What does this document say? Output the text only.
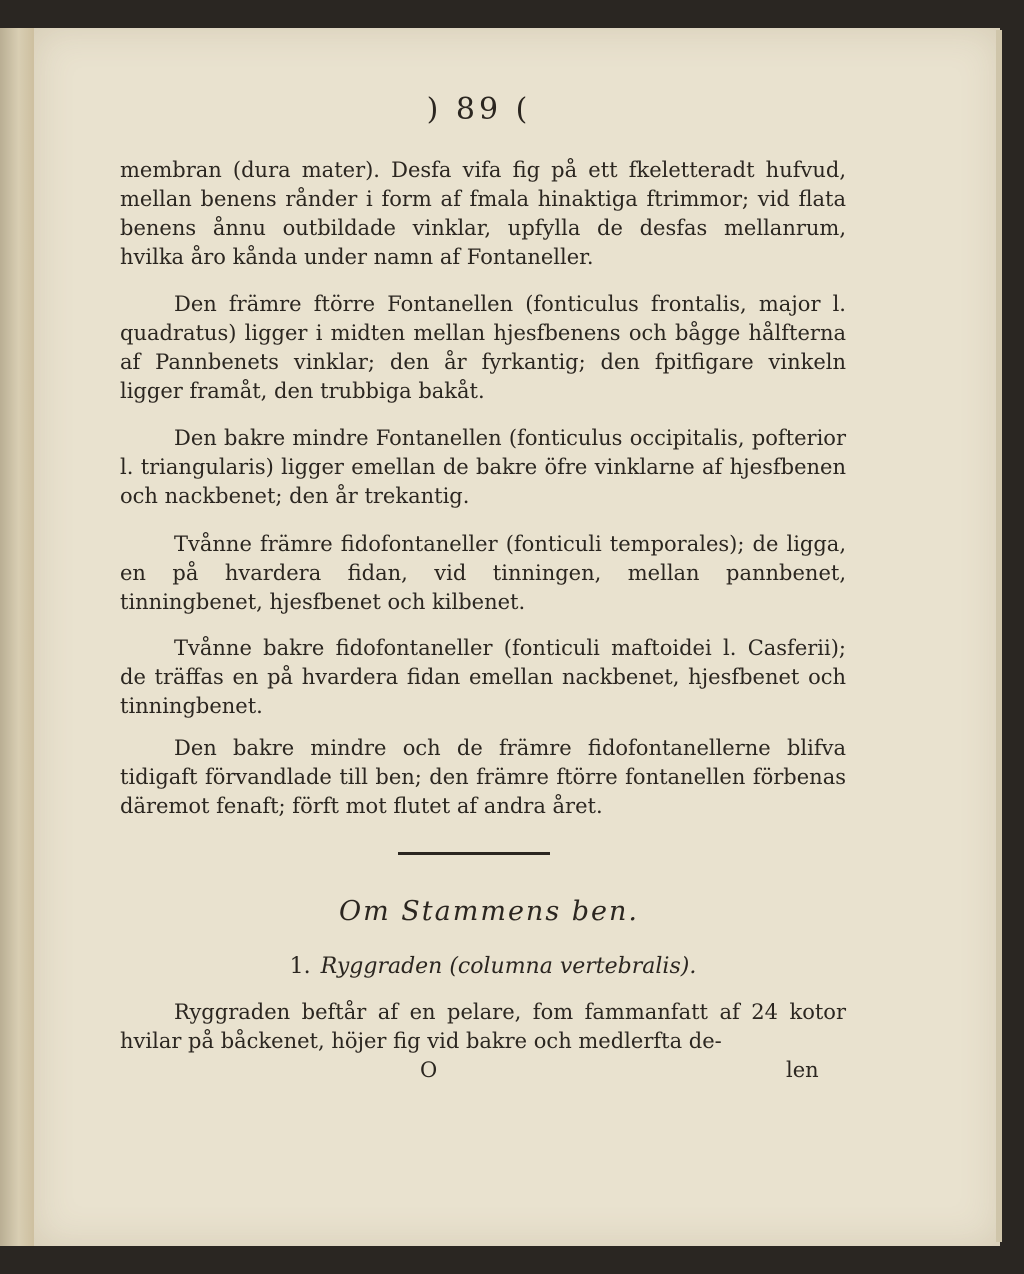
) 89 (

membran (dura mater). Desfa vifa fig på ett fkeletteradt hufvud, mellan benens rånder i form af fmala hinaktiga ftrimmor; vid flata benens ånnu outbildade vinklar, upfylla de desfas mellanrum, hvilka åro kånda under namn af Fontaneller.

Den främre ftörre Fontanellen (fonticulus frontalis, major l. quadratus) ligger i midten mellan hjesfbenens och bågge hålfterna af Pannbenets vinklar; den år fyrkantig; den fpitfigare vinkeln ligger framåt, den trubbiga bakåt.

Den bakre mindre Fontanellen (fonticulus occipitalis, pofterior l. triangularis) ligger emellan de bakre öfre vinklarne af hjesfbenen och nackbenet; den år trekantig.

Tvånne främre fidofontaneller (fonticuli temporales); de ligga, en på hvardera fidan, vid tinningen, mellan pannbenet, tinningbenet, hjesfbenet och kilbenet.

Tvånne bakre fidofontaneller (fonticuli maftoidei l. Casferii); de träffas en på hvardera fidan emellan nackbenet, hjesfbenet och tinningbenet.

Den bakre mindre och de främre fidofontanellerne blifva tidigaft förvandlade till ben; den främre ftörre fontanellen förbenas däremot fenaft; förft mot flutet af andra året.

Om Stammens ben.
1. Ryggraden (columna vertebralis).

Ryggraden beftår af en pelare, fom fammanfatt af 24 kotor hvilar på båckenet, höjer fig vid bakre och medlerfta de-

O	len
